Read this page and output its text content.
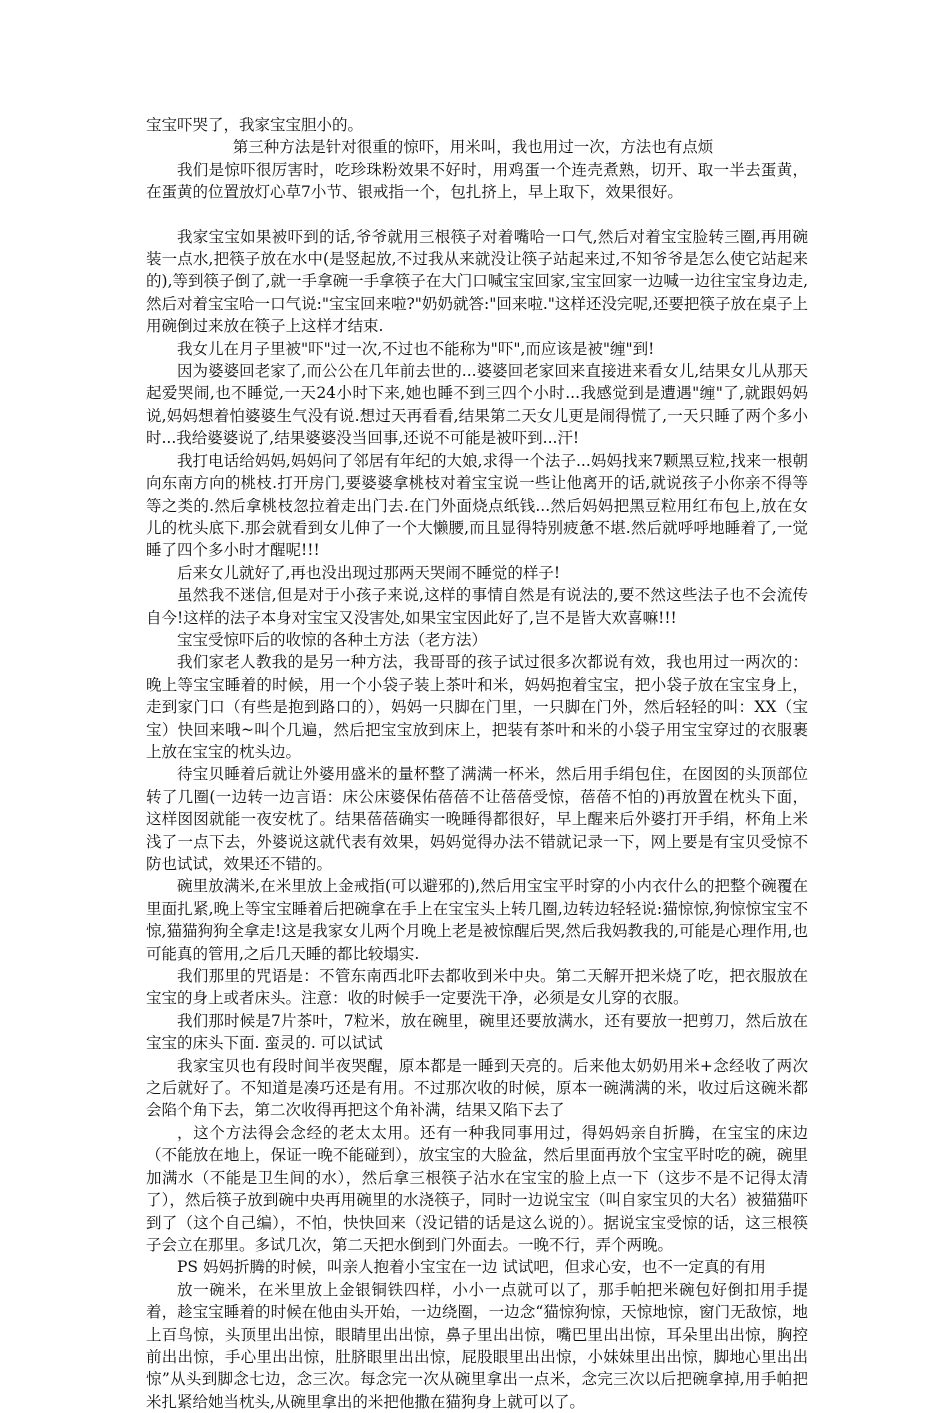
宝宝吓哭了，我家宝宝胆小的。

第三种方法是针对很重的惊吓，用米叫，我也用过一次，方法也有点烦

我们是惊吓很厉害时，吃珍珠粉效果不好时，用鸡蛋一个连壳煮熟，切开、取一半去蛋黄，在蛋黄的位置放灯心草7小节、银戒指一个，包扎挤上，早上取下，效果很好。

我家宝宝如果被吓到的话,爷爷就用三根筷子对着嘴哈一口气,然后对着宝宝脸转三圈,再用碗装一点水,把筷子放在水中(是竖起放,不过我从来就没让筷子站起来过,不知爷爷是怎么使它站起来的),等到筷子倒了,就一手拿碗一手拿筷子在大门口喊宝宝回家,宝宝回家一边喊一边往宝宝身边走,然后对着宝宝哈一口气说:"宝宝回来啦?"奶奶就答:"回来啦."这样还没完呢,还要把筷子放在桌子上用碗倒过来放在筷子上这样才结束.

我女儿在月子里被"吓"过一次,不过也不能称为"吓",而应该是被"缠"到!

因为婆婆回老家了,而公公在几年前去世的...婆婆回老家回来直接进来看女儿,结果女儿从那天起爱哭闹,也不睡觉,一天24小时下来,她也睡不到三四个小时...我感觉到是遭遇"缠"了,就跟妈妈说,妈妈想着怕婆婆生气没有说.想过天再看看,结果第二天女儿更是闹得慌了,一天只睡了两个多小时...我给婆婆说了,结果婆婆没当回事,还说不可能是被吓到...汗!

我打电话给妈妈,妈妈问了邻居有年纪的大娘,求得一个法子...妈妈找来7颗黑豆粒,找来一根朝向东南方向的桃枝.打开房门,要婆婆拿桃枝对着宝宝说一些让他离开的话,就说孩子小你亲不得等等之类的.然后拿桃枝忽拉着走出门去.在门外面烧点纸钱...然后妈妈把黑豆粒用红布包上,放在女儿的枕头底下.那会就看到女儿伸了一个大懒腰,而且显得特别疲惫不堪.然后就呼呼地睡着了,一觉睡了四个多小时才醒呢!!!

后来女儿就好了,再也没出现过那两天哭闹不睡觉的样子!

虽然我不迷信,但是对于小孩子来说,这样的事情自然是有说法的,要不然这些法子也不会流传自今!这样的法子本身对宝宝又没害处,如果宝宝因此好了,岂不是皆大欢喜嘛!!!

宝宝受惊吓后的收惊的各种土方法（老方法）

我们家老人教我的是另一种方法，我哥哥的孩子试过很多次都说有效，我也用过一两次的：晚上等宝宝睡着的时候，用一个小袋子装上茶叶和米，妈妈抱着宝宝，把小袋子放在宝宝身上，走到家门口（有些是抱到路口的），妈妈一只脚在门里，一只脚在门外，然后轻轻的叫：XX（宝宝）快回来哦~叫个几遍，然后把宝宝放到床上，把装有茶叶和米的小袋子用宝宝穿过的衣服裹上放在宝宝的枕头边。

待宝贝睡着后就让外婆用盛米的量杯整了满满一杯米，然后用手绢包住，在囡囡的头顶部位转了几圈(一边转一边言语：床公床婆保佑蓓蓓不让蓓蓓受惊，蓓蓓不怕的)再放置在枕头下面，这样囡囡就能一夜安枕了。结果蓓蓓确实一晚睡得都很好，早上醒来后外婆打开手绢，杯角上米浅了一点下去，外婆说这就代表有效果，妈妈觉得办法不错就记录一下，网上要是有宝贝受惊不防也试试，效果还不错的。

碗里放满米,在米里放上金戒指(可以避邪的),然后用宝宝平时穿的小内衣什么的把整个碗覆在里面扎紧,晚上等宝宝睡着后把碗拿在手上在宝宝头上转几圈,边转边轻轻说:猫惊惊,狗惊惊宝宝不惊,猫猫狗狗全拿走!这是我家女儿两个月晚上老是被惊醒后哭,然后我妈教我的,可能是心理作用,也可能真的管用,之后几天睡的都比较塌实.

我们那里的咒语是：不管东南西北吓去都收到米中央。第二天解开把米烧了吃，把衣服放在宝宝的身上或者床头。注意：收的时候手一定要洗干净，必须是女儿穿的衣服。

我们那时候是7片茶叶，7粒米，放在碗里，碗里还要放满水，还有要放一把剪刀，然后放在宝宝的床头下面. 蛮灵的. 可以试试

我家宝贝也有段时间半夜哭醒，原本都是一睡到天亮的。后来他太奶奶用米+念经收了两次之后就好了。不知道是凑巧还是有用。不过那次收的时候，原本一碗满满的米，收过后这碗米都会陷个角下去，第二次收得再把这个角补满，结果又陷下去了

，这个方法得会念经的老太太用。还有一种我同事用过，得妈妈亲自折腾，在宝宝的床边（不能放在地上，保证一晚不能碰到），放宝宝的大脸盆，然后里面再放个宝宝平时吃的碗，碗里加满水（不能是卫生间的水），然后拿三根筷子沾水在宝宝的脸上点一下（这步不是不记得太清了），然后筷子放到碗中央再用碗里的水浇筷子，同时一边说宝宝（叫自家宝贝的大名）被猫猫吓到了（这个自己编），不怕，快快回来（没记错的话是这么说的）。据说宝宝受惊的话，这三根筷子会立在那里。多试几次，第二天把水倒到门外面去。一晚不行，弄个两晚。

PS 妈妈折腾的时候，叫亲人抱着小宝宝在一边 试试吧，但求心安，也不一定真的有用

放一碗米，在米里放上金银铜铁四样，小小一点就可以了，那手帕把米碗包好倒扣用手提着，趁宝宝睡着的时候在他由头开始，一边绕圈，一边念“猫惊狗惊，天惊地惊，窗门无敌惊，地上百鸟惊，头顶里出出惊，眼睛里出出惊，鼻子里出出惊，嘴巴里出出惊，耳朵里出出惊，胸控前出出惊，手心里出出惊，肚脐眼里出出惊，屁股眼里出出惊，小妹妹里出出惊，脚地心里出出惊”从头到脚念七边，念三次。每念完一次从碗里拿出一点米，念完三次以后把碗拿掉,用手帕把米扎紧给她当枕头,从碗里拿出的米把他撒在猫狗身上就可以了。
